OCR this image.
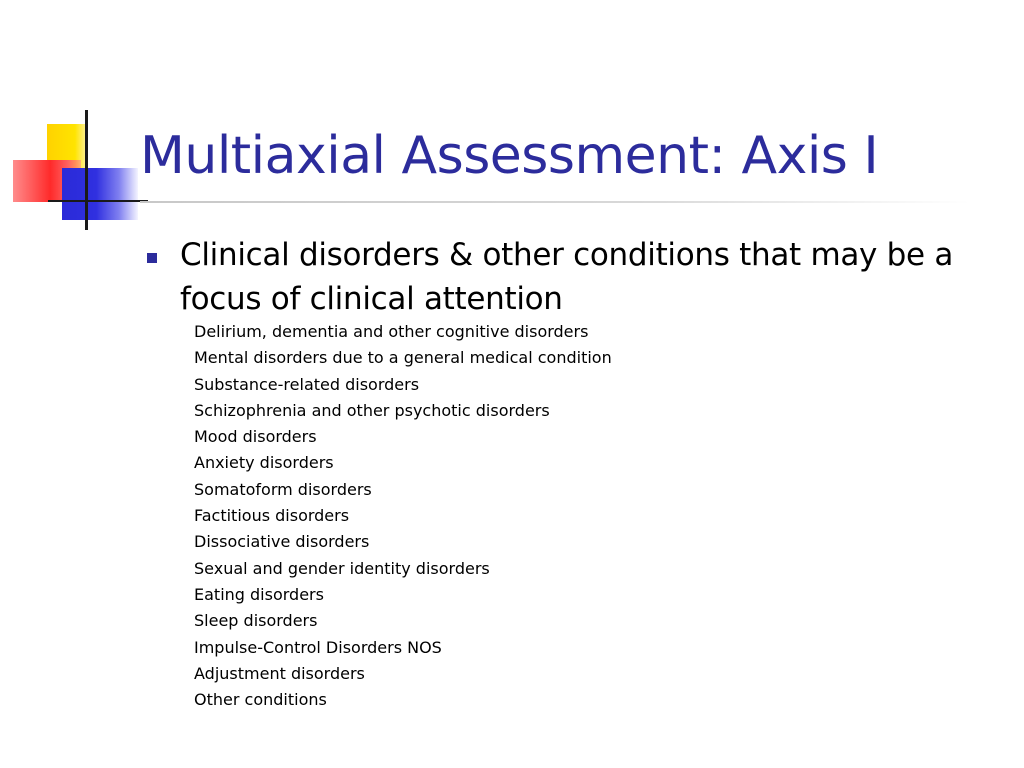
Multiaxial Assessment: Axis I
Clinical disorders & other conditions that may be a focus of clinical attention
Delirium, dementia and other cognitive disorders
Mental disorders due to a general medical condition
Substance-related disorders
Schizophrenia and other psychotic disorders
Mood disorders
Anxiety disorders
Somatoform disorders
Factitious disorders
Dissociative disorders
Sexual and gender identity disorders
Eating disorders
Sleep disorders
Impulse-Control Disorders NOS
Adjustment disorders
Other conditions
